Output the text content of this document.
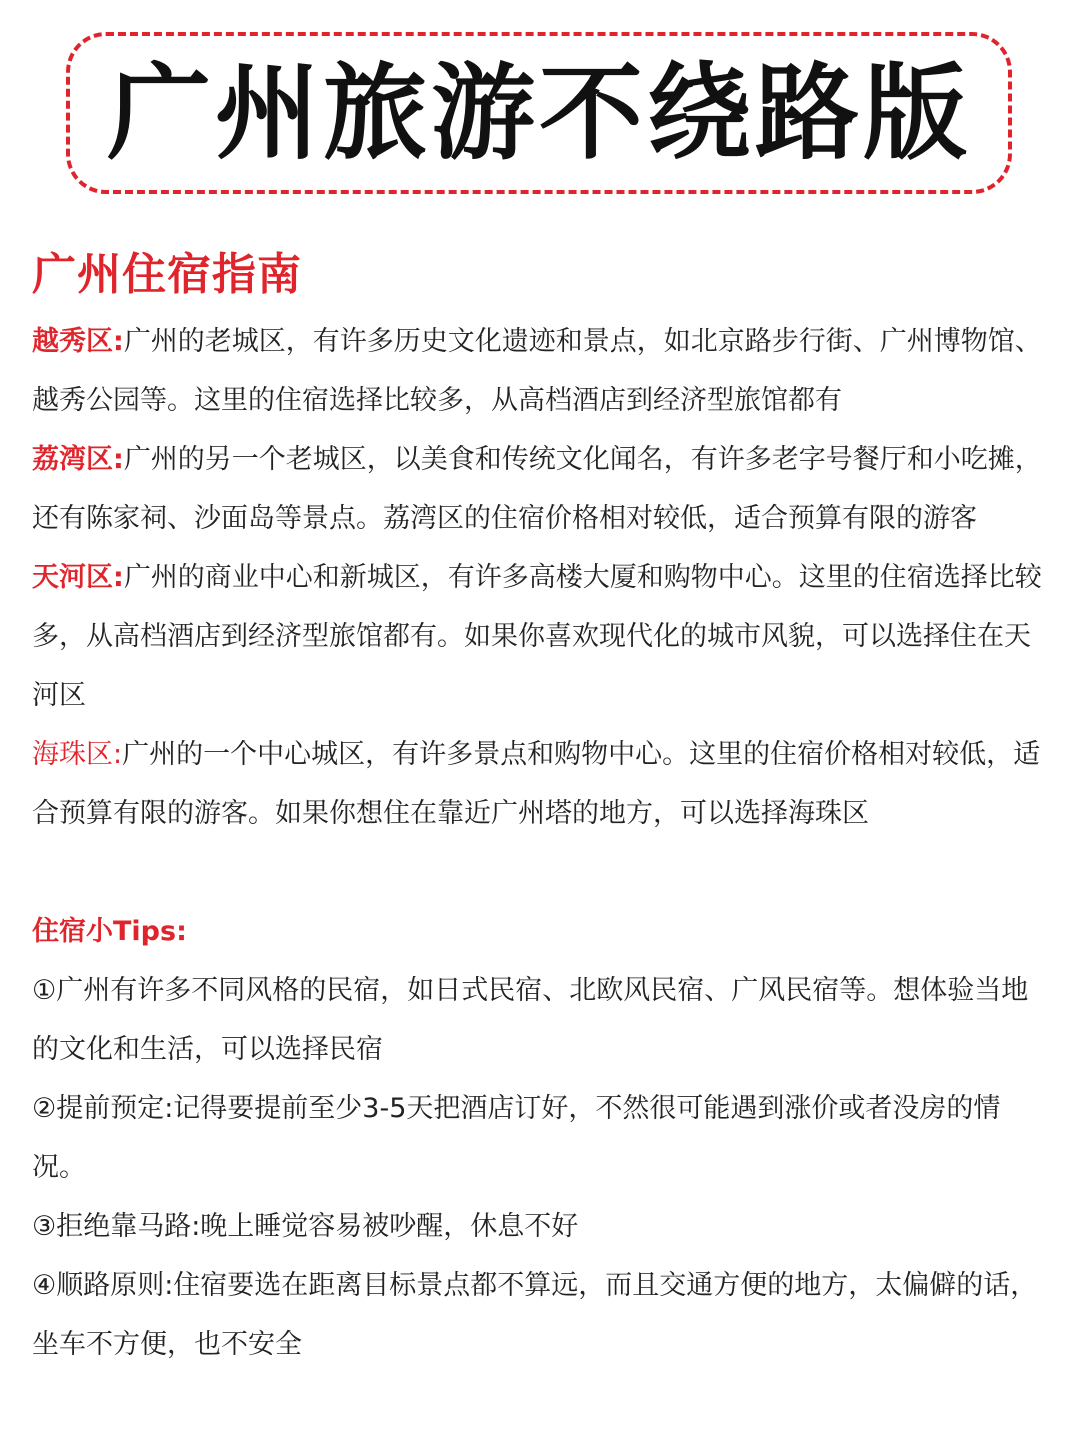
广州旅游不绕路版
广州住宿指南

越秀区:广州的老城区，有许多历史文化遗迹和景点，如北京路步行街、广州博物馆、越秀公园等。这里的住宿选择比较多，从高档酒店到经济型旅馆都有

荔湾区:广州的另一个老城区，以美食和传统文化闻名，有许多老字号餐厅和小吃摊，还有陈家祠、沙面岛等景点。荔湾区的住宿价格相对较低，适合预算有限的游客

天河区:广州的商业中心和新城区，有许多高楼大厦和购物中心。这里的住宿选择比较多，从高档酒店到经济型旅馆都有。如果你喜欢现代化的城市风貌，可以选择住在天河区

海珠区:广州的一个中心城区，有许多景点和购物中心。这里的住宿价格相对较低，适合预算有限的游客。如果你想住在靠近广州塔的地方，可以选择海珠区

住宿小Tips:

①广州有许多不同风格的民宿，如日式民宿、北欧风民宿、广风民宿等。想体验当地的文化和生活，可以选择民宿

②提前预定:记得要提前至少3-5天把酒店订好，不然很可能遇到涨价或者没房的情况。

③拒绝靠马路:晚上睡觉容易被吵醒，休息不好

④顺路原则:住宿要选在距离目标景点都不算远，而且交通方便的地方，太偏僻的话，坐车不方便，也不安全
